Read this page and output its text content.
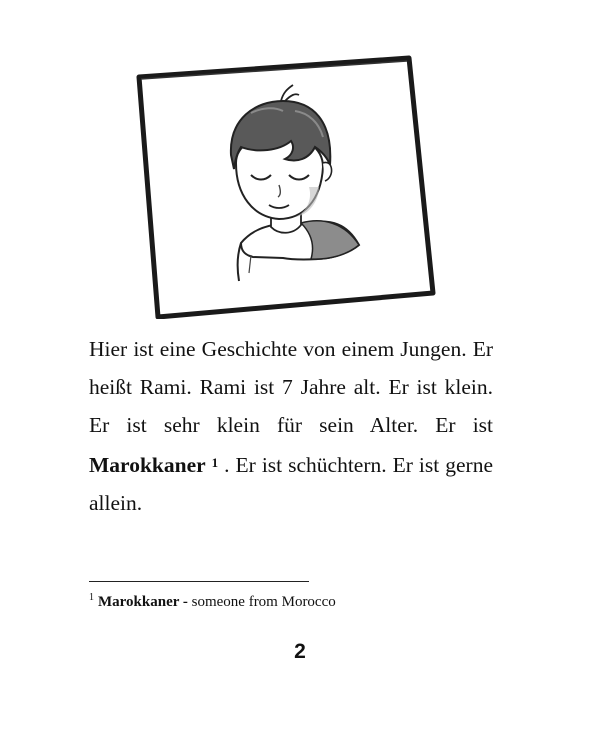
Hier ist eine Geschichte von einem Jungen. Er heißt Rami. Rami ist 7 Jahre alt. Er ist klein. Er ist sehr klein für sein Alter. Er ist Marokkaner $^1$ . Er ist schüchtern. Er ist gerne allein.

$^1$ Marokkaner - someone from Morocco
2
